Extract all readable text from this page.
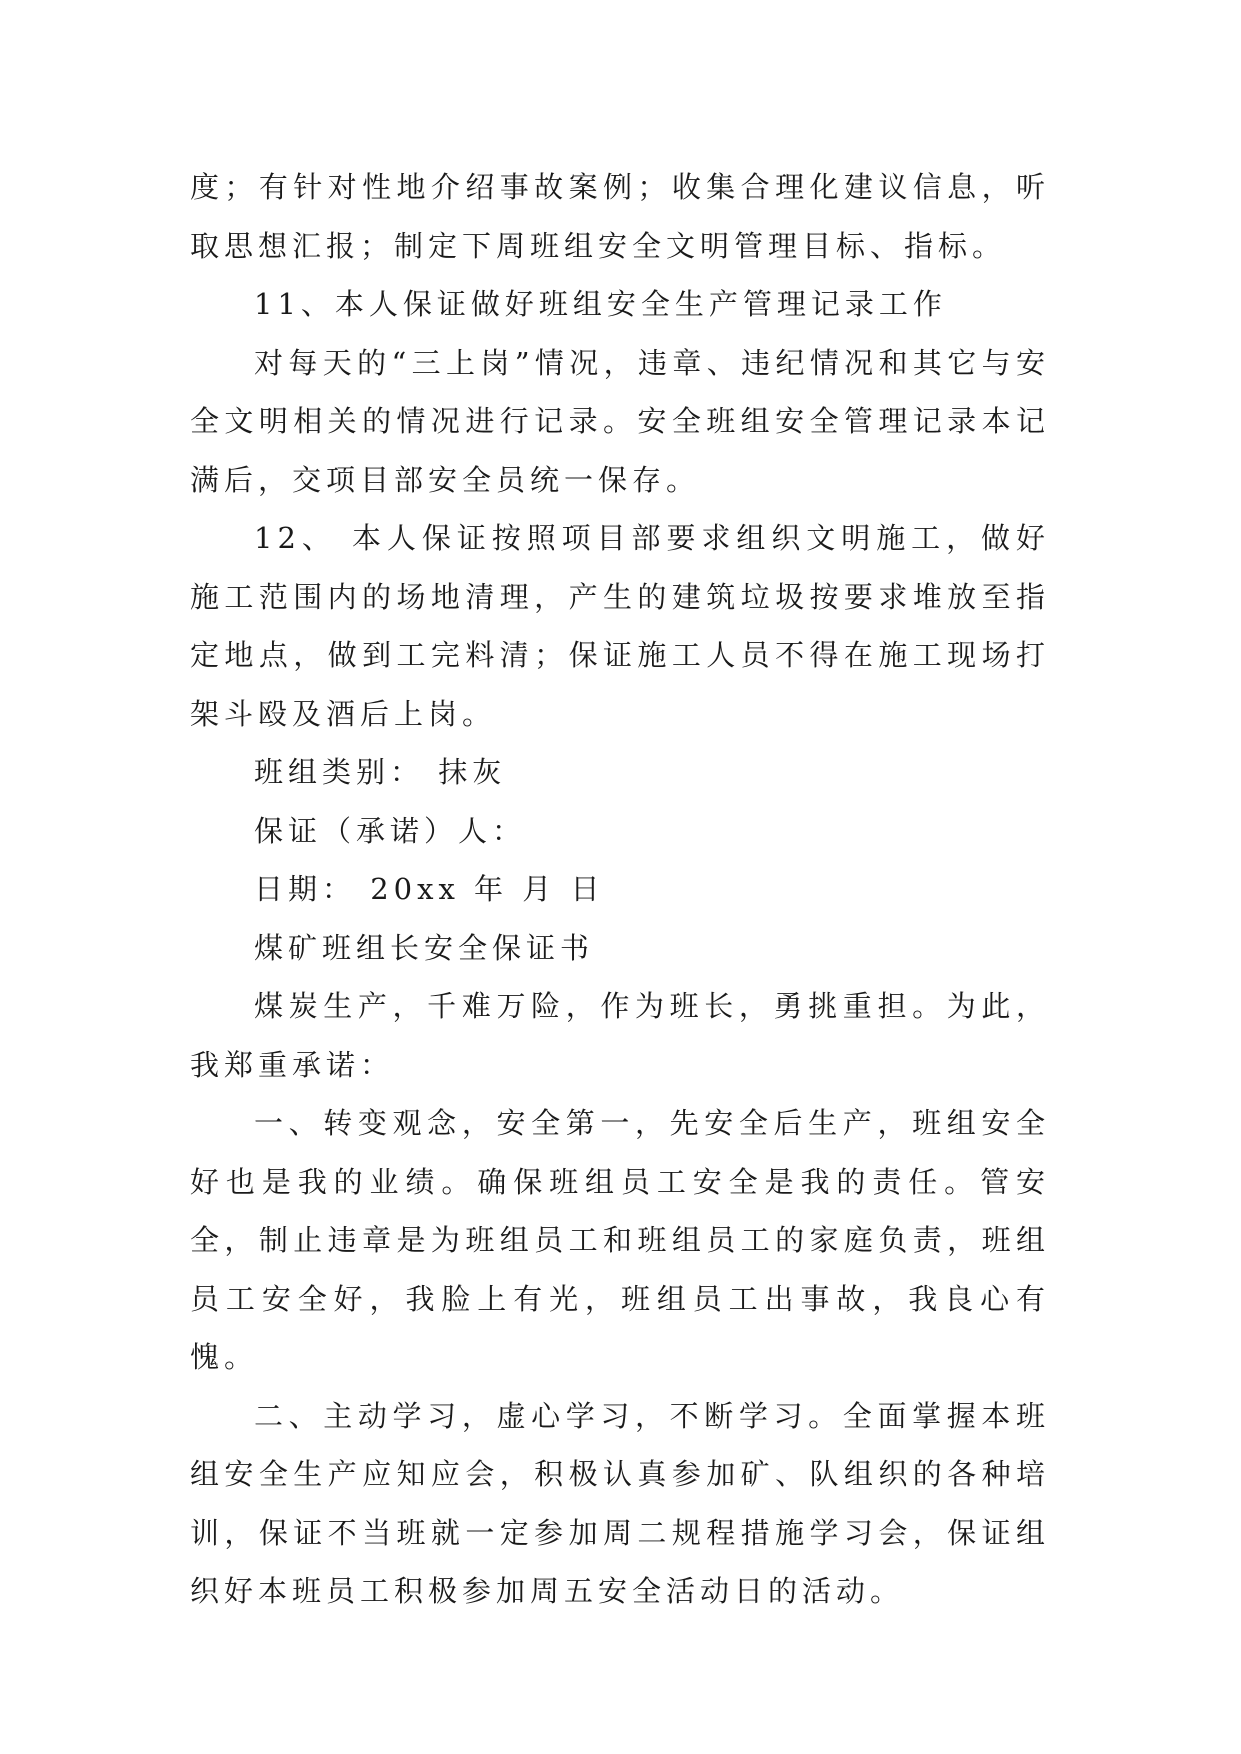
度；有针对性地介绍事故案例；收集合理化建议信息，听取思想汇报；制定下周班组安全文明管理目标、指标。

11、本人保证做好班组安全生产管理记录工作

对每天的“三上岗”情况，违章、违纪情况和其它与安全文明相关的情况进行记录。安全班组安全管理记录本记满后，交项目部安全员统一保存。

12、 本人保证按照项目部要求组织文明施工，做好施工范围内的场地清理，产生的建筑垃圾按要求堆放至指定地点，做到工完料清；保证施工人员不得在施工现场打架斗殴及酒后上岗。

班组类别： 抹灰

保证（承诺）人：

日期： 20xx 年 月 日

煤矿班组长安全保证书

煤炭生产，千难万险，作为班长，勇挑重担。为此，我郑重承诺：

一、转变观念，安全第一，先安全后生产，班组安全好也是我的业绩。确保班组员工安全是我的责任。管安全，制止违章是为班组员工和班组员工的家庭负责，班组员工安全好，我脸上有光，班组员工出事故，我良心有愧。

二、主动学习，虚心学习，不断学习。全面掌握本班组安全生产应知应会，积极认真参加矿、队组织的各种培训，保证不当班就一定参加周二规程措施学习会，保证组织好本班员工积极参加周五安全活动日的活动。
